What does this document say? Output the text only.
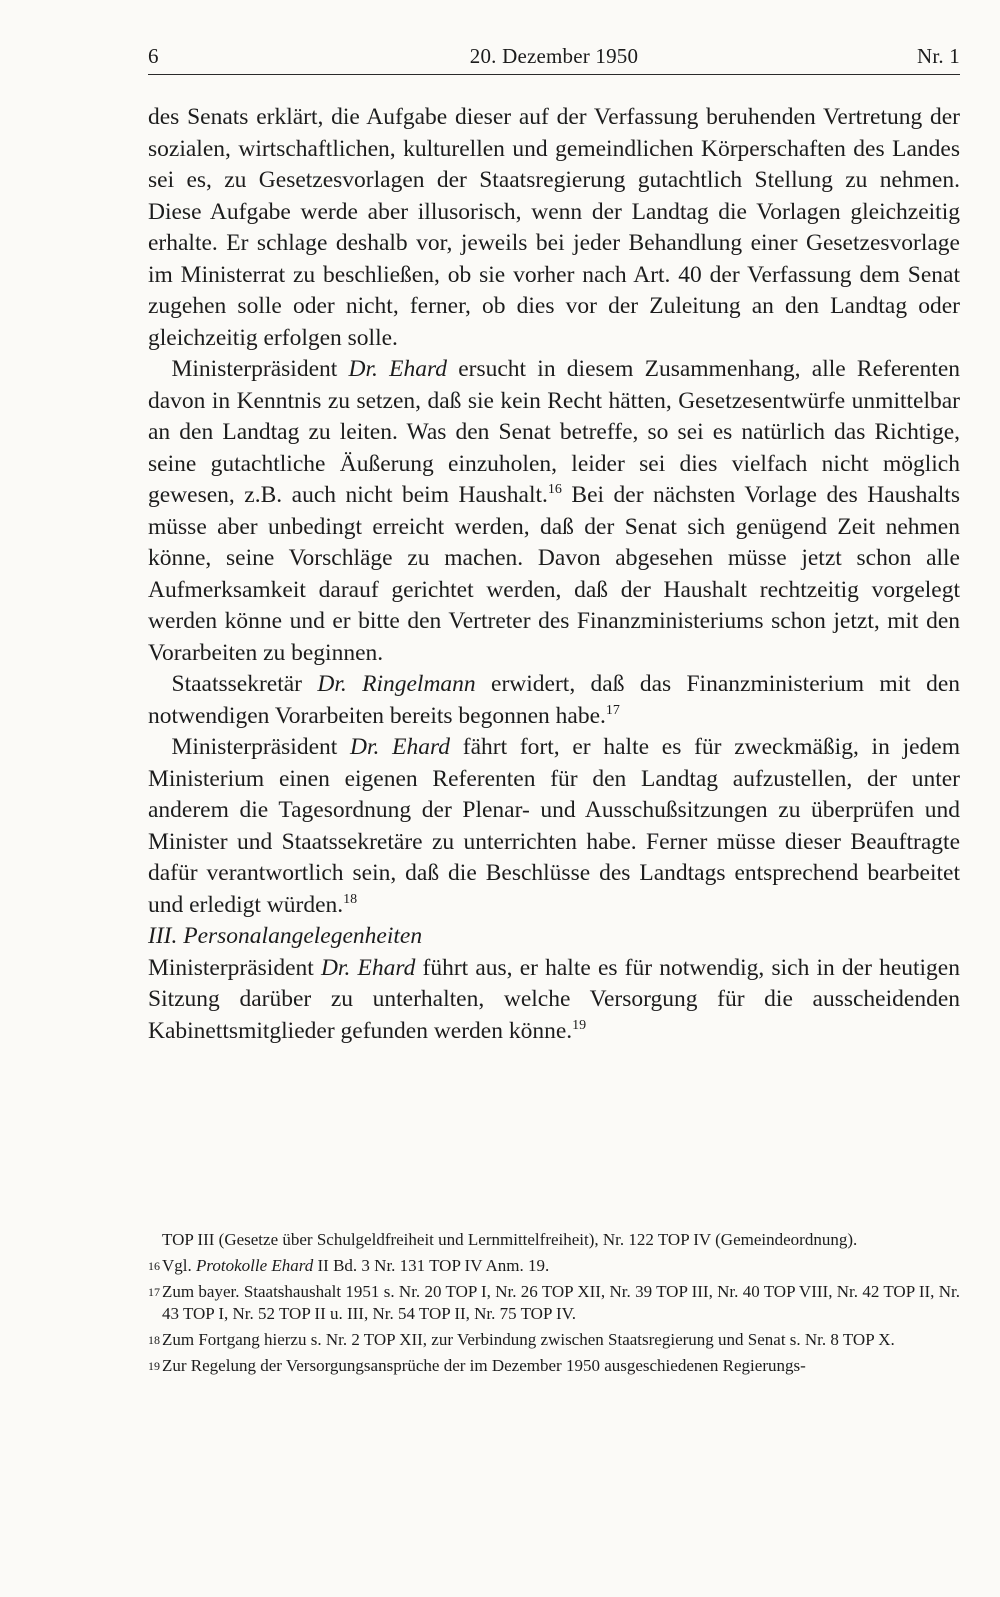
6	20. Dezember 1950	Nr. 1

des Senats erklärt, die Aufgabe dieser auf der Verfassung beruhenden Vertretung der sozialen, wirtschaftlichen, kulturellen und gemeindlichen Körperschaften des Landes sei es, zu Gesetzesvorlagen der Staatsregierung gutachtlich Stellung zu nehmen. Diese Aufgabe werde aber illusorisch, wenn der Landtag die Vorlagen gleichzeitig erhalte. Er schlage deshalb vor, jeweils bei jeder Behandlung einer Gesetzesvorlage im Ministerrat zu beschließen, ob sie vorher nach Art. 40 der Verfassung dem Senat zugehen solle oder nicht, ferner, ob dies vor der Zuleitung an den Landtag oder gleichzeitig erfolgen solle.

 Ministerpräsident Dr. Ehard ersucht in diesem Zusammenhang, alle Referenten davon in Kenntnis zu setzen, daß sie kein Recht hätten, Gesetzesentwürfe unmittelbar an den Landtag zu leiten. Was den Senat betreffe, so sei es natürlich das Richtige, seine gutachtliche Äußerung einzuholen, leider sei dies vielfach nicht möglich gewesen, z.B. auch nicht beim Haushalt.$^{16}$ Bei der nächsten Vorlage des Haushalts müsse aber unbedingt erreicht werden, daß der Senat sich genügend Zeit nehmen könne, seine Vorschläge zu machen. Davon abgesehen müsse jetzt schon alle Aufmerksamkeit darauf gerichtet werden, daß der Haushalt rechtzeitig vorgelegt werden könne und er bitte den Vertreter des Finanzministeriums schon jetzt, mit den Vorarbeiten zu beginnen.

 Staatssekretär Dr. Ringelmann erwidert, daß das Finanzministerium mit den notwendigen Vorarbeiten bereits begonnen habe.$^{17}$

 Ministerpräsident Dr. Ehard fährt fort, er halte es für zweckmäßig, in jedem Ministerium einen eigenen Referenten für den Landtag aufzustellen, der unter anderem die Tagesordnung der Plenar- und Ausschußsitzungen zu überprüfen und Minister und Staatssekretäre zu unterrichten habe. Ferner müsse dieser Beauftragte dafür verantwortlich sein, daß die Beschlüsse des Landtags entsprechend bearbeitet und erledigt würden.$^{18}$

III. Personalangelegenheiten

Ministerpräsident Dr. Ehard führt aus, er halte es für notwendig, sich in der heutigen Sitzung darüber zu unterhalten, welche Versorgung für die ausscheidenden Kabinettsmitglieder gefunden werden könne.$^{19}$

TOP III (Gesetze über Schulgeldfreiheit und Lernmittelfreiheit), Nr. 122 TOP IV (Gemeindeordnung).
16 Vgl. Protokolle Ehard II Bd. 3 Nr. 131 TOP IV Anm. 19.
17 Zum bayer. Staatshaushalt 1951 s. Nr. 20 TOP I, Nr. 26 TOP XII, Nr. 39 TOP III, Nr. 40 TOP VIII, Nr. 42 TOP II, Nr. 43 TOP I, Nr. 52 TOP II u. III, Nr. 54 TOP II, Nr. 75 TOP IV.
18 Zum Fortgang hierzu s. Nr. 2 TOP XII, zur Verbindung zwischen Staatsregierung und Senat s. Nr. 8 TOP X.
19 Zur Regelung der Versorgungsansprüche der im Dezember 1950 ausgeschiedenen Regierungs-
